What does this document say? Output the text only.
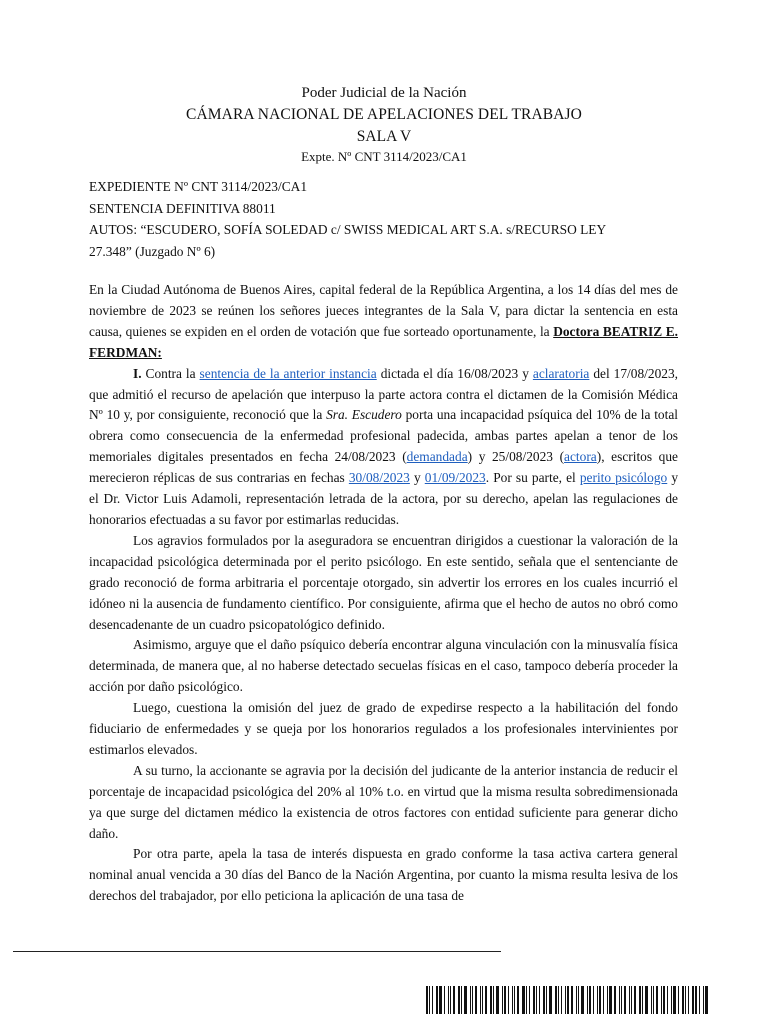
Poder Judicial de la Nación
CÁMARA NACIONAL DE APELACIONES DEL TRABAJO
SALA V
Expte. Nº CNT 3114/2023/CA1
EXPEDIENTE Nº CNT 3114/2023/CA1
SENTENCIA DEFINITIVA 88011
AUTOS: “ESCUDERO, SOFÍA SOLEDAD c/ SWISS MEDICAL ART S.A. s/RECURSO LEY
27.348” (Juzgado Nº 6)

En la Ciudad Autónoma de Buenos Aires, capital federal de la República Argentina, a los 14 días del mes de noviembre de 2023 se reúnen los señores jueces integrantes de la Sala V, para dictar la sentencia en esta causa, quienes se expiden en el orden de votación que fue sorteado oportunamente, la Doctora BEATRIZ E. FERDMAN:

I. Contra la sentencia de la anterior instancia dictada el día 16/08/2023 y aclaratoria del 17/08/2023, que admitió el recurso de apelación que interpuso la parte actora contra el dictamen de la Comisión Médica Nº 10 y, por consiguiente, reconoció que la Sra. Escudero porta una incapacidad psíquica del 10% de la total obrera como consecuencia de la enfermedad profesional padecida, ambas partes apelan a tenor de los memoriales digitales presentados en fecha 24/08/2023 (demandada) y 25/08/2023 (actora), escritos que merecieron réplicas de sus contrarias en fechas 30/08/2023 y 01/09/2023. Por su parte, el perito psicólogo y el Dr. Victor Luis Adamoli, representación letrada de la actora, por su derecho, apelan las regulaciones de honorarios efectuadas a su favor por estimarlas reducidas.

Los agravios formulados por la aseguradora se encuentran dirigidos a cuestionar la valoración de la incapacidad psicológica determinada por el perito psicólogo. En este sentido, señala que el sentenciante de grado reconoció de forma arbitraria el porcentaje otorgado, sin advertir los errores en los cuales incurrió el idóneo ni la ausencia de fundamento científico. Por consiguiente, afirma que el hecho de autos no obró como desencadenante de un cuadro psicopatológico definido.

Asimismo, arguye que el daño psíquico debería encontrar alguna vinculación con la minusvalía física determinada, de manera que, al no haberse detectado secuelas físicas en el caso, tampoco debería proceder la acción por daño psicológico.

Luego, cuestiona la omisión del juez de grado de expedirse respecto a la habilitación del fondo fiduciario de enfermedades y se queja por los honorarios regulados a los profesionales intervinientes por estimarlos elevados.

A su turno, la accionante se agravia por la decisión del judicante de la anterior instancia de reducir el porcentaje de incapacidad psicológica del 20% al 10% t.o. en virtud que la misma resulta sobredimensionada ya que surge del dictamen médico la existencia de otros factores con entidad suficiente para generar dicho daño.

Por otra parte, apela la tasa de interés dispuesta en grado conforme la tasa activa cartera general nominal anual vencida a 30 días del Banco de la Nación Argentina, por cuanto la misma resulta lesiva de los derechos del trabajador, por ello peticiona la aplicación de una tasa de
